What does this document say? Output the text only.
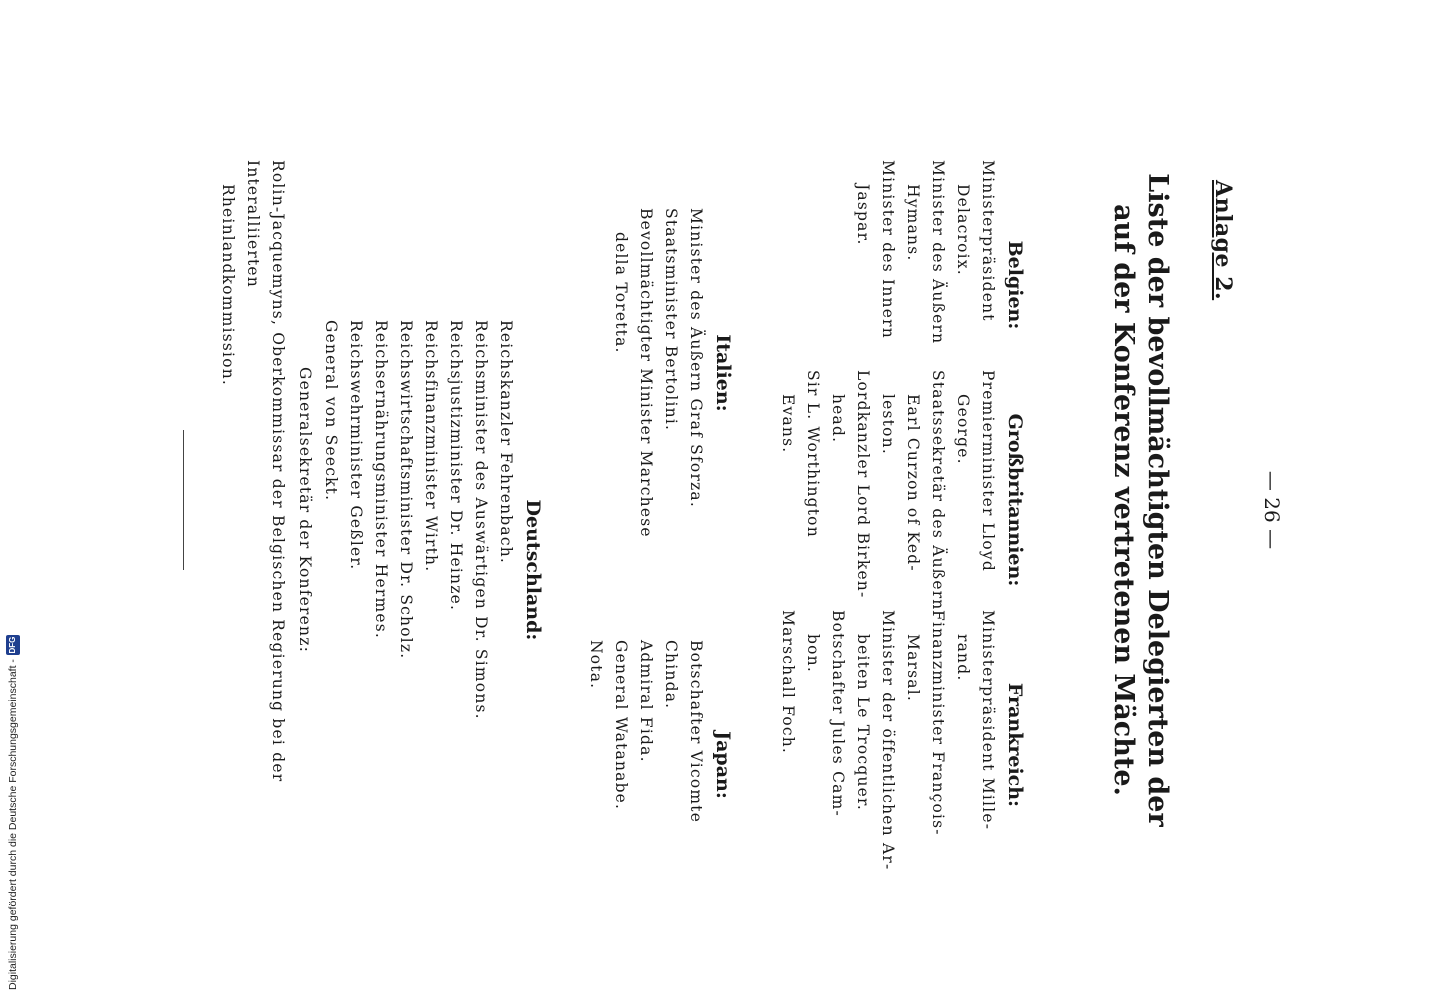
Anlage 2.
— 26 —
Liste der bevollmächtigten Delegierten der auf der Konferenz vertretenen Mächte.
Belgien:
Ministerpräsident
Delacroix.
Minister des Äußern
Hymans.
Minister des Innern
Jaspar.
Großbritannien:
Premierminister Lloyd
George.
Staatssekretär des Äußern
Earl Curzon of Ked-
leston.
Lordkanzler Lord Birken-
head.
Sir L. Worthington
Evans.
Frankreich:
Ministerpräsident Mille-
rand.
Finanzminister François-
Marsal.
Minister der öffentlichen Ar-
beiten Le Trocquer.
Botschafter Jules Cam-
bon.
Marschall Foch.
Italien:
Minister des Äußern Graf Sforza.
Staatsminister Bertolini.
Bevollmächtigter Minister Marchese
della Toretta.
Japan:
Botschafter Vicomte Chinda.
Admiral Fida.
General Watanabe.
Nota.
Deutschland:
Reichskanzler Fehrenbach.
Reichsminister des Auswärtigen Dr. Simons.
Reichsjustizminister Dr. Heinze.
Reichsfinanzminister Wirth.
Reichswirtschaftsminister Dr. Scholz.
Reichsernährungsminister Hermes.
Reichswehrminister Geßler.
General von Seeckt.
Generalsekretär der Konferenz:
Rolin-Jacquemyns, Oberkommissar der Belgischen Regierung bei der Interalliierten
Rheinlandkommission.
Digitalisierung gefördert durch die Deutsche Forschungsgemeinschaft -
DFG
